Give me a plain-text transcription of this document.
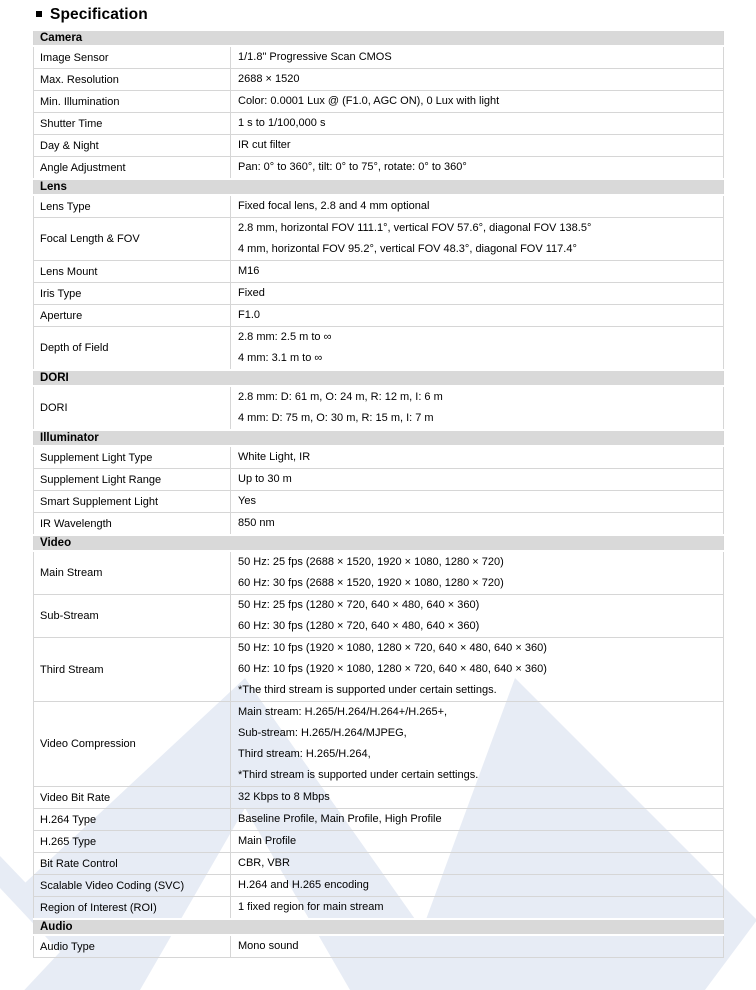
Specification
Camera	
Image Sensor	1/1.8" Progressive Scan CMOS

Max. Resolution	2688 × 1520

Min. Illumination	Color: 0.0001 Lux @ (F1.0, AGC ON), 0 Lux with light

Shutter Time	1 s to 1/100,000 s

Day & Night	IR cut filter

Angle Adjustment	Pan: 0° to 360°, tilt: 0° to 75°, rotate: 0° to 360°

Lens	
Lens Type	Fixed focal lens, 2.8 and 4 mm optional

Focal Length & FOV	2.8 mm, horizontal FOV 111.1°, vertical FOV 57.6°, diagonal FOV 138.5°
4 mm, horizontal FOV 95.2°, vertical FOV 48.3°, diagonal FOV 117.4°

Lens Mount	M16

Iris Type	Fixed

Aperture	F1.0

Depth of Field	2.8 mm: 2.5 m to ∞
4 mm: 3.1 m to ∞

DORI	
DORI	2.8 mm: D: 61 m, O: 24 m, R: 12 m, I: 6 m
4 mm: D: 75 m, O: 30 m, R: 15 m, I: 7 m

Illuminator	
Supplement Light Type	White Light, IR

Supplement Light Range	Up to 30 m

Smart Supplement Light	Yes

IR Wavelength	850 nm

Video	
Main Stream	50 Hz: 25 fps (2688 × 1520, 1920 × 1080, 1280 × 720)
60 Hz: 30 fps (2688 × 1520, 1920 × 1080, 1280 × 720)

Sub-Stream	50 Hz: 25 fps (1280 × 720, 640 × 480, 640 × 360)
60 Hz: 30 fps (1280 × 720, 640 × 480, 640 × 360)

Third Stream	50 Hz: 10 fps (1920 × 1080, 1280 × 720, 640 × 480, 640 × 360)
60 Hz: 10 fps (1920 × 1080, 1280 × 720, 640 × 480, 640 × 360)
*The third stream is supported under certain settings.

Video Compression	Main stream: H.265/H.264/H.264+/H.265+,
Sub-stream: H.265/H.264/MJPEG,
Third stream: H.265/H.264,
*Third stream is supported under certain settings.

Video Bit Rate	32 Kbps to 8 Mbps

H.264 Type	Baseline Profile, Main Profile, High Profile

H.265 Type	Main Profile

Bit Rate Control	CBR, VBR

Scalable Video Coding (SVC)	H.264 and H.265 encoding

Region of Interest (ROI)	1 fixed region for main stream

Audio	
Audio Type	Mono sound
